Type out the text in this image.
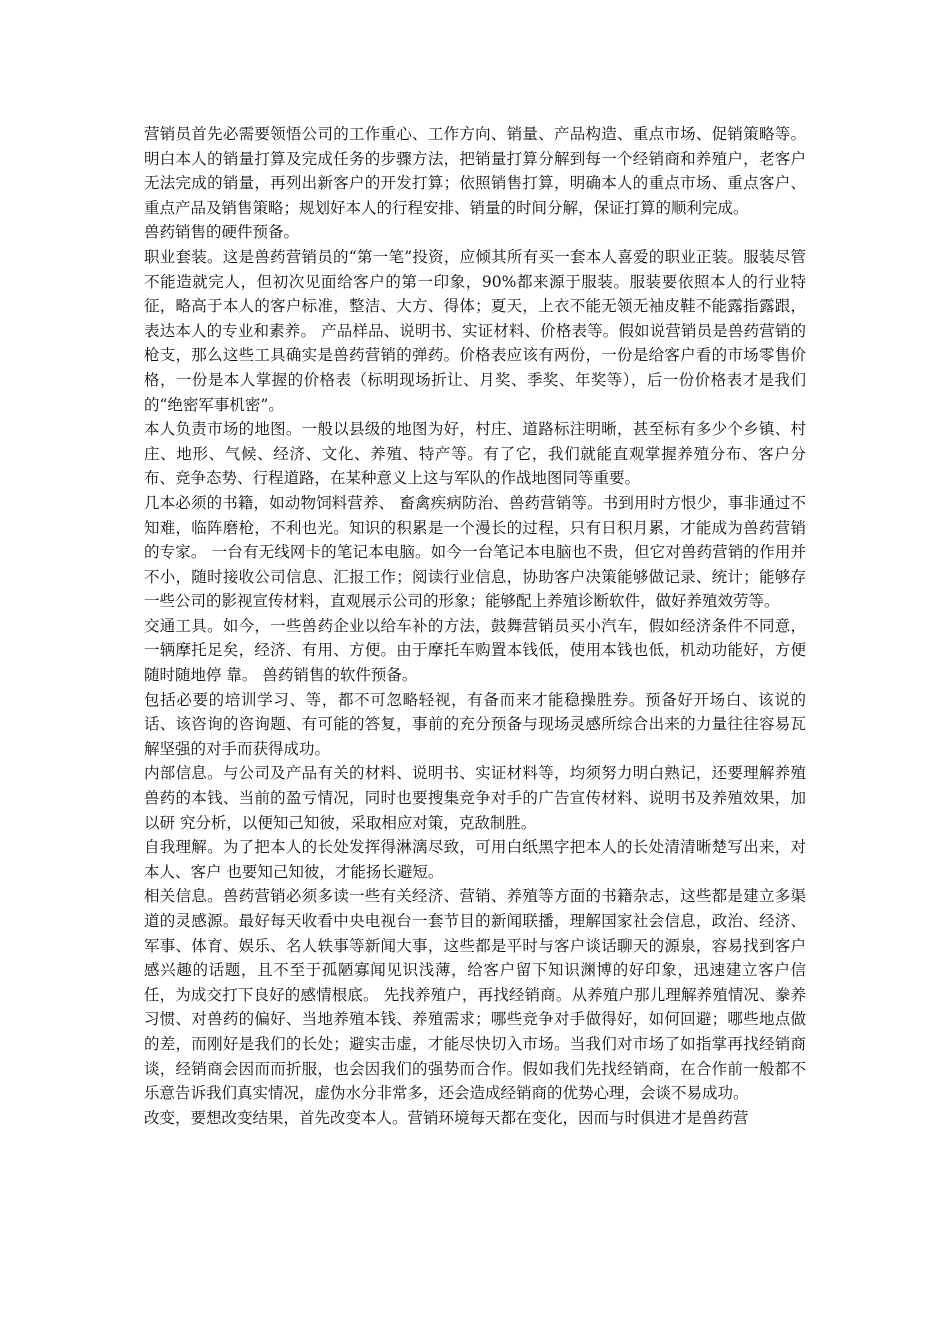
营销员首先必需要领悟公司的工作重心、工作方向、销量、产品构造、重点市场、促销策略等。明白本人的销量打算及完成任务的步骤方法，把销量打算分解到每一个经销商和养殖户，老客户无法完成的销量，再列出新客户的开发打算；依照销售打算，明确本人的重点市场、重点客户、重点产品及销售策略；规划好本人的行程安排、销量的时间分解，保证打算的顺利完成。

兽药销售的硬件预备。

职业套装。这是兽药营销员的“第一笔”投资，应倾其所有买一套本人喜爱的职业正装。服装尽管不能造就完人，但初次见面给客户的第一印象，90%都来源于服装。服装要依照本人的行业特征，略高于本人的客户标准，整洁、大方、得体；夏天，上衣不能无领无袖皮鞋不能露指露跟，表达本人的专业和素养。 产品样品、说明书、实证材料、价格表等。假如说营销员是兽药营销的枪支，那么这些工具确实是兽药营销的弹药。价格表应该有两份，一份是给客户看的市场零售价格，一份是本人掌握的价格表（标明现场折让、月奖、季奖、年奖等），后一份价格表才是我们的“绝密军事机密”。

本人负责市场的地图。一般以县级的地图为好，村庄、道路标注明晰，甚至标有多少个乡镇、村庄、地形、气候、经济、文化、养殖、特产等。有了它，我们就能直观掌握养殖分布、客户分布、竞争态势、行程道路，在某种意义上这与军队的作战地图同等重要。

几本必须的书籍，如动物饲料营养、 畜禽疾病防治、兽药营销等。书到用时方恨少，事非通过不知难，临阵磨枪，不利也光。知识的积累是一个漫长的过程，只有日积月累，才能成为兽药营销的专家。 一台有无线网卡的笔记本电脑。如今一台笔记本电脑也不贵，但它对兽药营销的作用并不小，随时接收公司信息、汇报工作；阅读行业信息，协助客户决策能够做记录、统计；能够存一些公司的影视宣传材料，直观展示公司的形象；能够配上养殖诊断软件，做好养殖效劳等。

交通工具。如今，一些兽药企业以给车补的方法，鼓舞营销员买小汽车，假如经济条件不同意，一辆摩托足矣，经济、有用、方便。由于摩托车购置本钱低，使用本钱也低，机动功能好，方便随时随地停 靠。 兽药销售的软件预备。

包括必要的培训学习、等，都不可忽略轻视，有备而来才能稳操胜券。预备好开场白、该说的话、该咨询的咨询题、有可能的答复，事前的充分预备与现场灵感所综合出来的力量往往容易瓦解坚强的对手而获得成功。

内部信息。与公司及产品有关的材料、说明书、实证材料等，均须努力明白熟记，还要理解养殖兽药的本钱、当前的盈亏情况，同时也要搜集竞争对手的广告宣传材料、说明书及养殖效果，加以研 究分析，以便知己知彼，采取相应对策，克敌制胜。

自我理解。为了把本人的长处发挥得淋漓尽致，可用白纸黑字把本人的长处清清晰楚写出来，对本人、客户 也要知己知彼，才能扬长避短。

相关信息。兽药营销必须多读一些有关经济、营销、养殖等方面的书籍杂志，这些都是建立多渠道的灵感源。最好每天收看中央电视台一套节目的新闻联播，理解国家社会信息，政治、经济、军事、体育、娱乐、名人轶事等新闻大事，这些都是平时与客户谈话聊天的源泉，容易找到客户感兴趣的话题，且不至于孤陋寡闻见识浅薄，给客户留下知识渊博的好印象，迅速建立客户信任，为成交打下良好的感情根底。 先找养殖户，再找经销商。从养殖户那儿理解养殖情况、豢养习惯、对兽药的偏好、当地养殖本钱、养殖需求；哪些竞争对手做得好，如何回避；哪些地点做的差，而刚好是我们的长处；避实击虚，才能尽快切入市场。当我们对市场了如指掌再找经销商谈，经销商会因而而折服，也会因我们的强势而合作。假如我们先找经销商，在合作前一般都不乐意告诉我们真实情况，虚伪水分非常多，还会造成经销商的优势心理，会谈不易成功。

改变，要想改变结果，首先改变本人。营销环境每天都在变化，因而与时俱进才是兽药营
